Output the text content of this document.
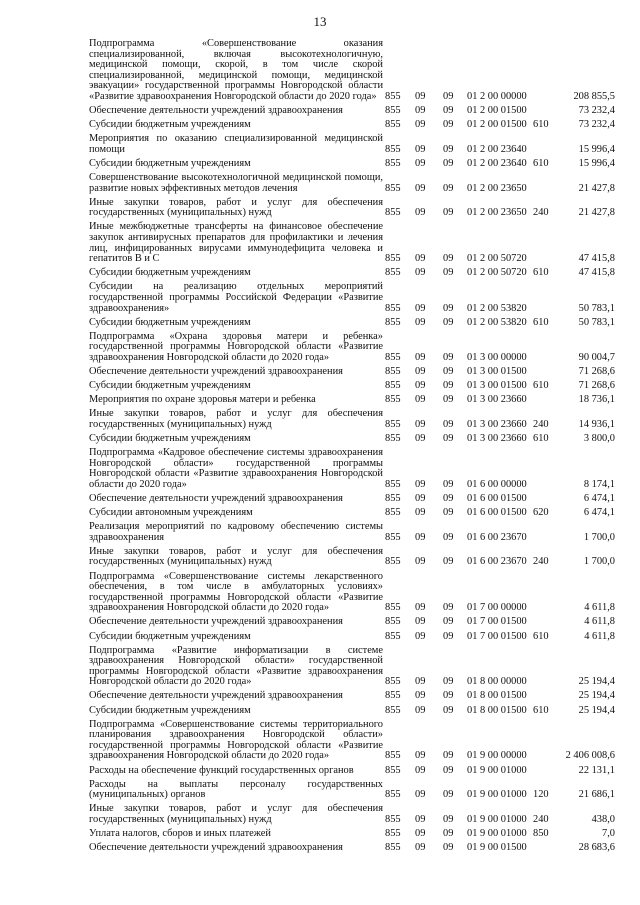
13
Подпрограмма «Совершенствование оказания специализированной, включая высокотехнологичную, медицинской помощи, скорой, в том числе скорой специализированной, медицинской помощи, медицинской эвакуации» государственной программы Новгородской области «Развитие здравоохранения Новгородской области до 2020 года»	855	09	09	01 2 00 00000		208 855,5
Обеспечение деятельности учреждений здравоохранения	855	09	09	01 2 00 01500		73 232,4
Субсидии бюджетным учреждениям	855	09	09	01 2 00 01500	610	73 232,4
Мероприятия по оказанию специализированной медицинской помощи	855	09	09	01 2 00 23640		15 996,4
Субсидии бюджетным учреждениям	855	09	09	01 2 00 23640	610	15 996,4
Совершенствование высокотехнологичной медицинской помощи, развитие новых эффективных методов лечения	855	09	09	01 2 00 23650		21 427,8
Иные закупки товаров, работ и услуг для обеспечения государственных (муниципальных) нужд	855	09	09	01 2 00 23650	240	21 427,8
Иные межбюджетные трансферты на финансовое обеспечение закупок антивирусных препаратов для профилактики и лечения лиц, инфицированных вирусами иммунодефицита человека и гепатитов В и С	855	09	09	01 2 00 50720		47 415,8
Субсидии бюджетным учреждениям	855	09	09	01 2 00 50720	610	47 415,8
Субсидии на реализацию отдельных мероприятий государственной программы Российской Федерации «Развитие здравоохранения»	855	09	09	01 2 00 53820		50 783,1
Субсидии бюджетным учреждениям	855	09	09	01 2 00 53820	610	50 783,1
Подпрограмма «Охрана здоровья матери и ребенка» государственной программы Новгородской области «Развитие здравоохранения Новгородской области до 2020 года»	855	09	09	01 3 00 00000		90 004,7
Обеспечение деятельности учреждений здравоохранения	855	09	09	01 3 00 01500		71 268,6
Субсидии бюджетным учреждениям	855	09	09	01 3 00 01500	610	71 268,6
Мероприятия по охране здоровья матери и ребенка	855	09	09	01 3 00 23660		18 736,1
Иные закупки товаров, работ и услуг для обеспечения государственных (муниципальных) нужд	855	09	09	01 3 00 23660	240	14 936,1
Субсидии бюджетным учреждениям	855	09	09	01 3 00 23660	610	3 800,0
Подпрограмма «Кадровое обеспечение системы здравоохранения Новгородской области» государственной программы Новгородской области «Развитие здравоохранения Новгородской области до 2020 года»	855	09	09	01 6 00 00000		8 174,1
Обеспечение деятельности учреждений здравоохранения	855	09	09	01 6 00 01500		6 474,1
Субсидии автономным учреждениям	855	09	09	01 6 00 01500	620	6 474,1
Реализация мероприятий по кадровому обеспечению системы здравоохранения	855	09	09	01 6 00 23670		1 700,0
Иные закупки товаров, работ и услуг для обеспечения государственных (муниципальных) нужд	855	09	09	01 6 00 23670	240	1 700,0
Подпрограмма «Совершенствование системы лекарственного обеспечения, в том числе в амбулаторных условиях» государственной программы Новгородской области «Развитие здравоохранения Новгородской области до 2020 года»	855	09	09	01 7 00 00000		4 611,8
Обеспечение деятельности учреждений здравоохранения	855	09	09	01 7 00 01500		4 611,8
Субсидии бюджетным учреждениям	855	09	09	01 7 00 01500	610	4 611,8
Подпрограмма «Развитие информатизации в системе здравоохранения Новгородской области» государственной программы Новгородской области «Развитие здравоохранения Новгородской области до 2020 года»	855	09	09	01 8 00 00000		25 194,4
Обеспечение деятельности учреждений здравоохранения	855	09	09	01 8 00 01500		25 194,4
Субсидии бюджетным учреждениям	855	09	09	01 8 00 01500	610	25 194,4
Подпрограмма «Совершенствование системы территориального планирования здравоохранения Новгородской области» государственной программы Новгородской области «Развитие здравоохранения Новгородской области до 2020 года»	855	09	09	01 9 00 00000		2 406 008,6
Расходы на обеспечение функций государственных органов	855	09	09	01 9 00 01000		22 131,1
Расходы на выплаты персоналу государственных (муниципальных) органов	855	09	09	01 9 00 01000	120	21 686,1
Иные закупки товаров, работ и услуг для обеспечения государственных (муниципальных) нужд	855	09	09	01 9 00 01000	240	438,0
Уплата налогов, сборов и иных платежей	855	09	09	01 9 00 01000	850	7,0
Обеспечение деятельности учреждений здравоохранения	855	09	09	01 9 00 01500		28 683,6
